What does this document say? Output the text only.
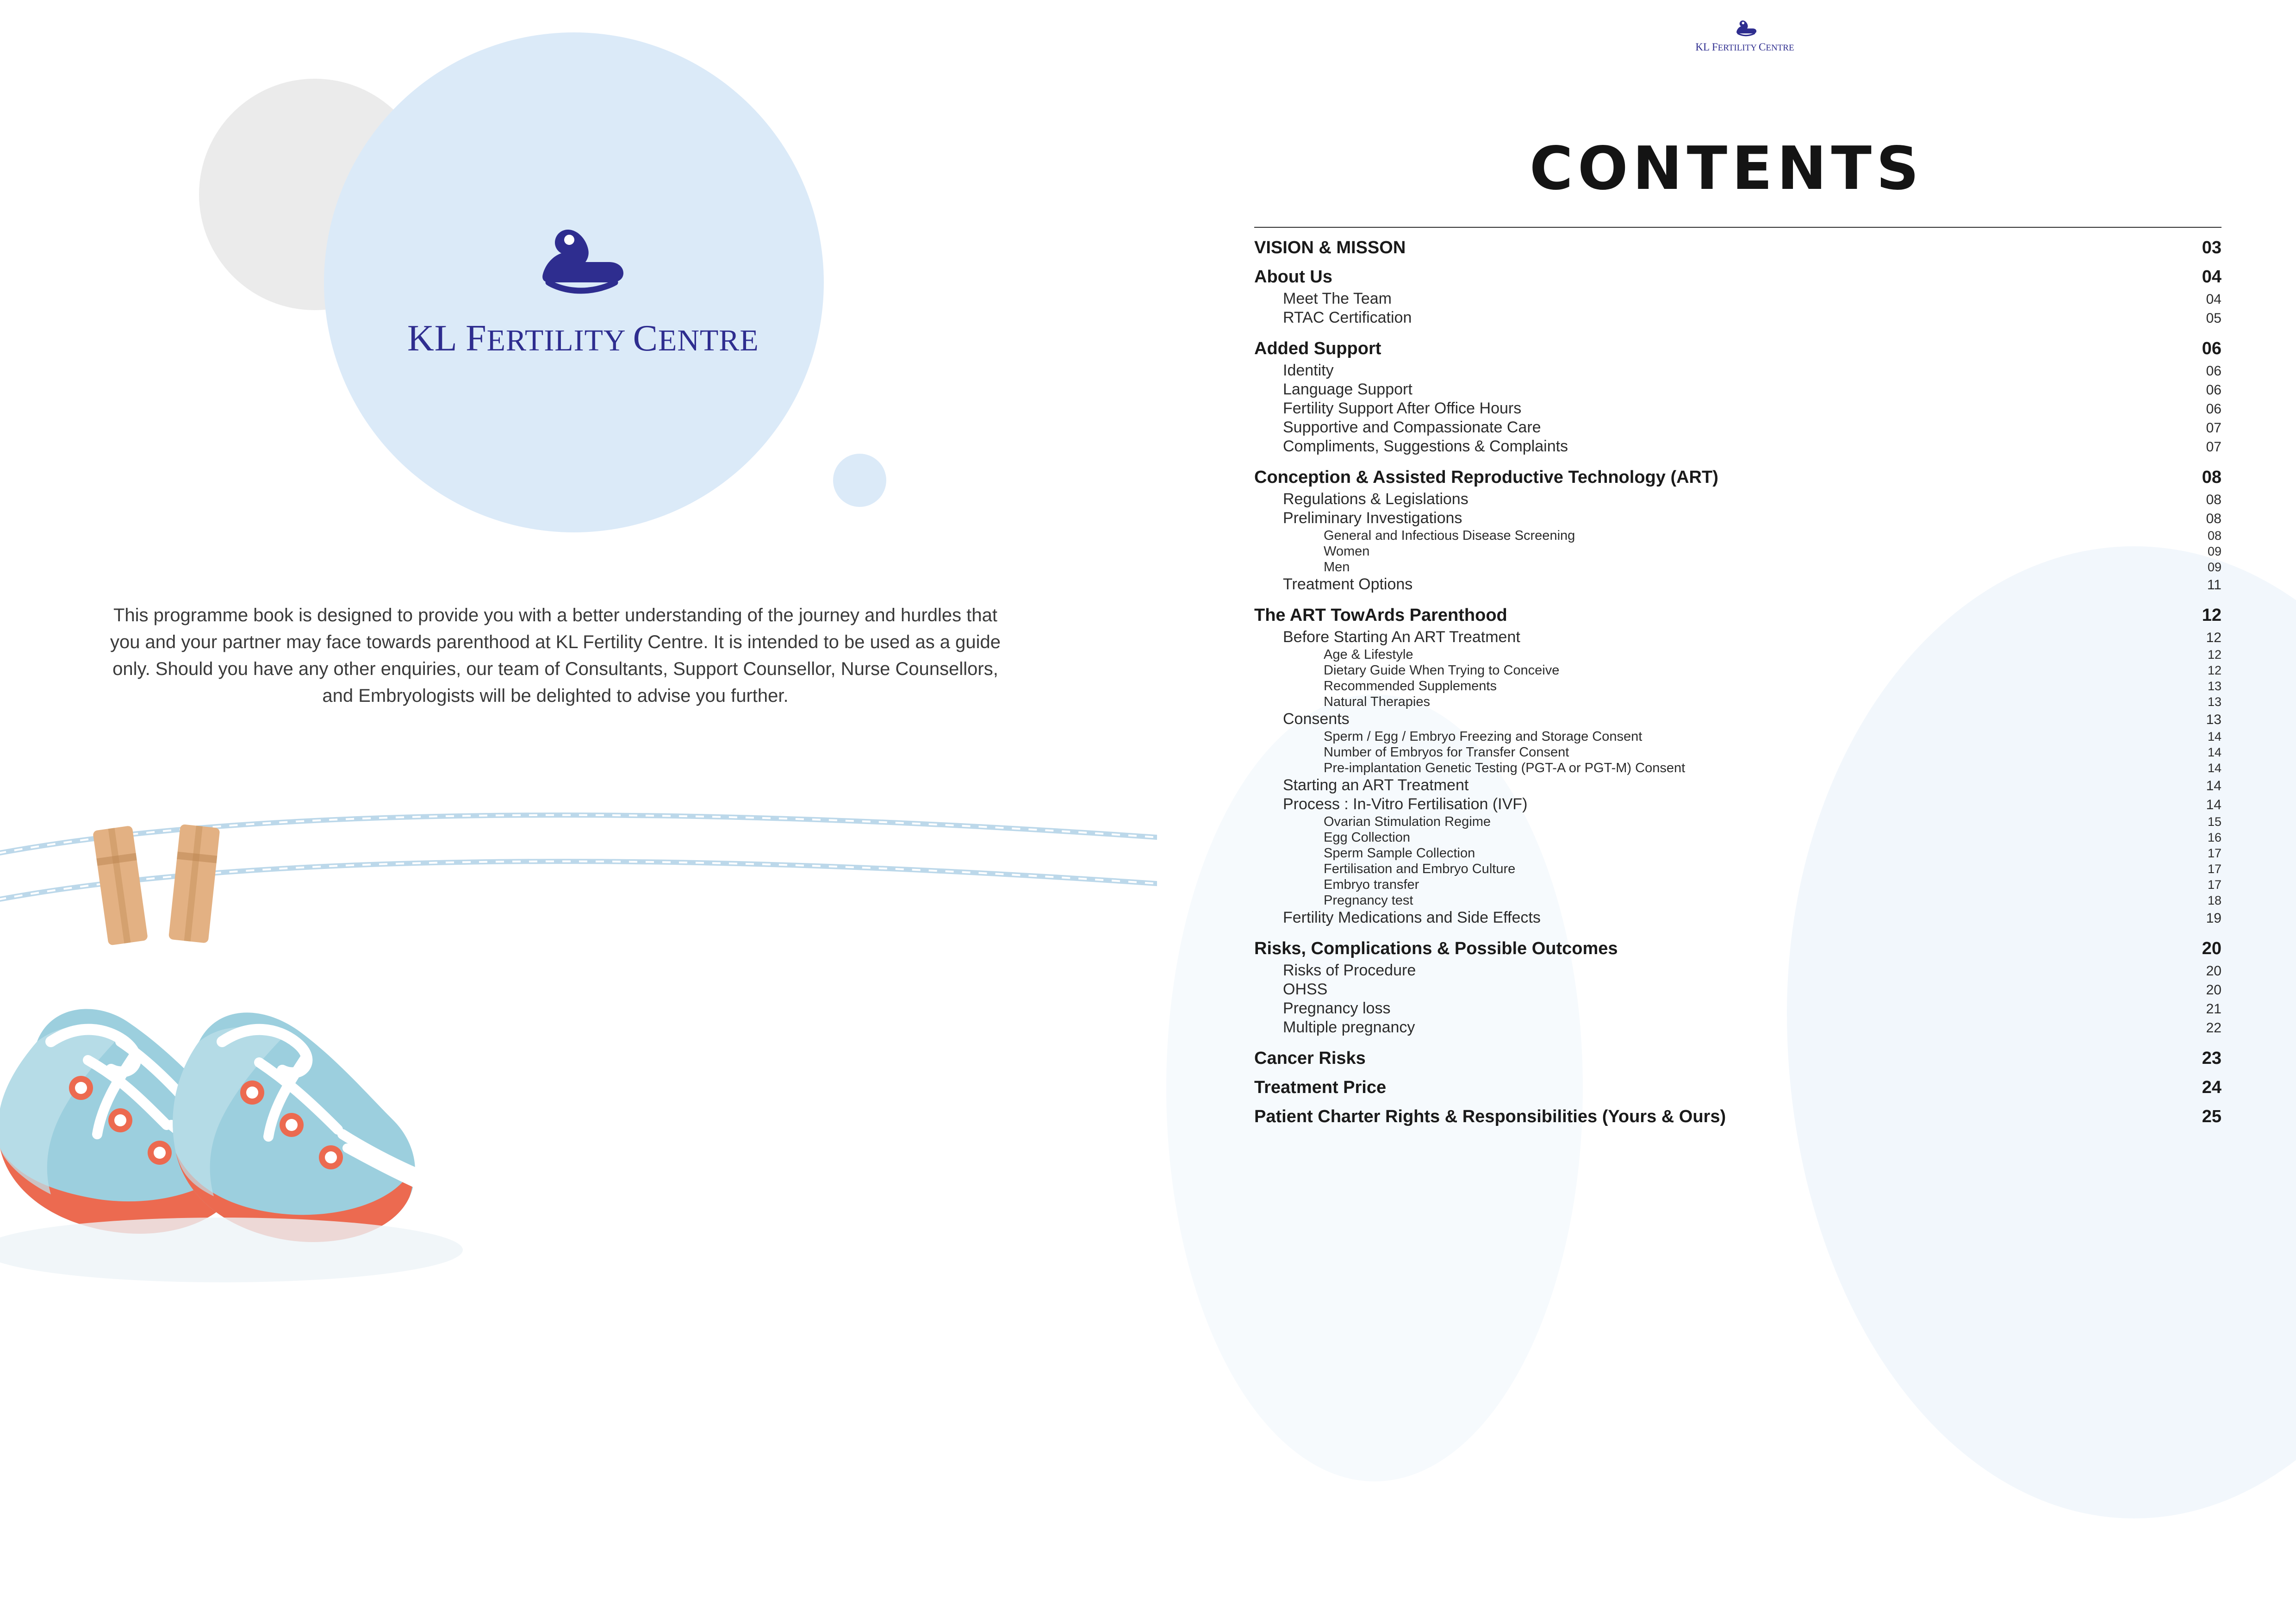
KL FERTILITY CENTRE
This programme book is designed to provide you with a better understanding of the journey and hurdles that you and your partner may face towards parenthood at KL Fertility Centre. It is intended to be used as a guide only. Should you have any other enquiries, our team of Consultants, Support Counsellor, Nurse Counsellors, and Embryologists will be delighted to advise you further.
KL FERTILITY CENTRE
CONTENTS
VISION & MISSON	03
About Us	04
Meet The Team	04
RTAC Certification	05
Added Support	06
Identity	06
Language Support	06
Fertility Support After Office Hours	06
Supportive and Compassionate Care	07
Compliments, Suggestions & Complaints	07
Conception & Assisted Reproductive Technology (ART)	08
Regulations & Legislations	08
Preliminary Investigations	08
General and Infectious Disease Screening	08
Women	09
Men	09
Treatment Options	11
The ART TowArds Parenthood	12
Before Starting An ART Treatment	12
Age & Lifestyle	12
Dietary Guide When Trying to Conceive	12
Recommended Supplements	13
Natural Therapies	13
Consents	13
Sperm / Egg / Embryo Freezing and Storage Consent	14
Number of Embryos for Transfer Consent	14
Pre-implantation Genetic Testing (PGT-A or PGT-M) Consent	14
Starting an ART Treatment	14
Process : In-Vitro Fertilisation (IVF)	14
Ovarian Stimulation Regime	15
Egg Collection	16
Sperm Sample Collection	17
Fertilisation and Embryo Culture	17
Embryo transfer	17
Pregnancy test	18
Fertility Medications and Side Effects	19
Risks, Complications & Possible Outcomes	20
Risks of Procedure	20
OHSS	20
Pregnancy loss	21
Multiple pregnancy	22
Cancer Risks	23
Treatment Price	24
Patient Charter Rights & Responsibilities (Yours & Ours)	25
